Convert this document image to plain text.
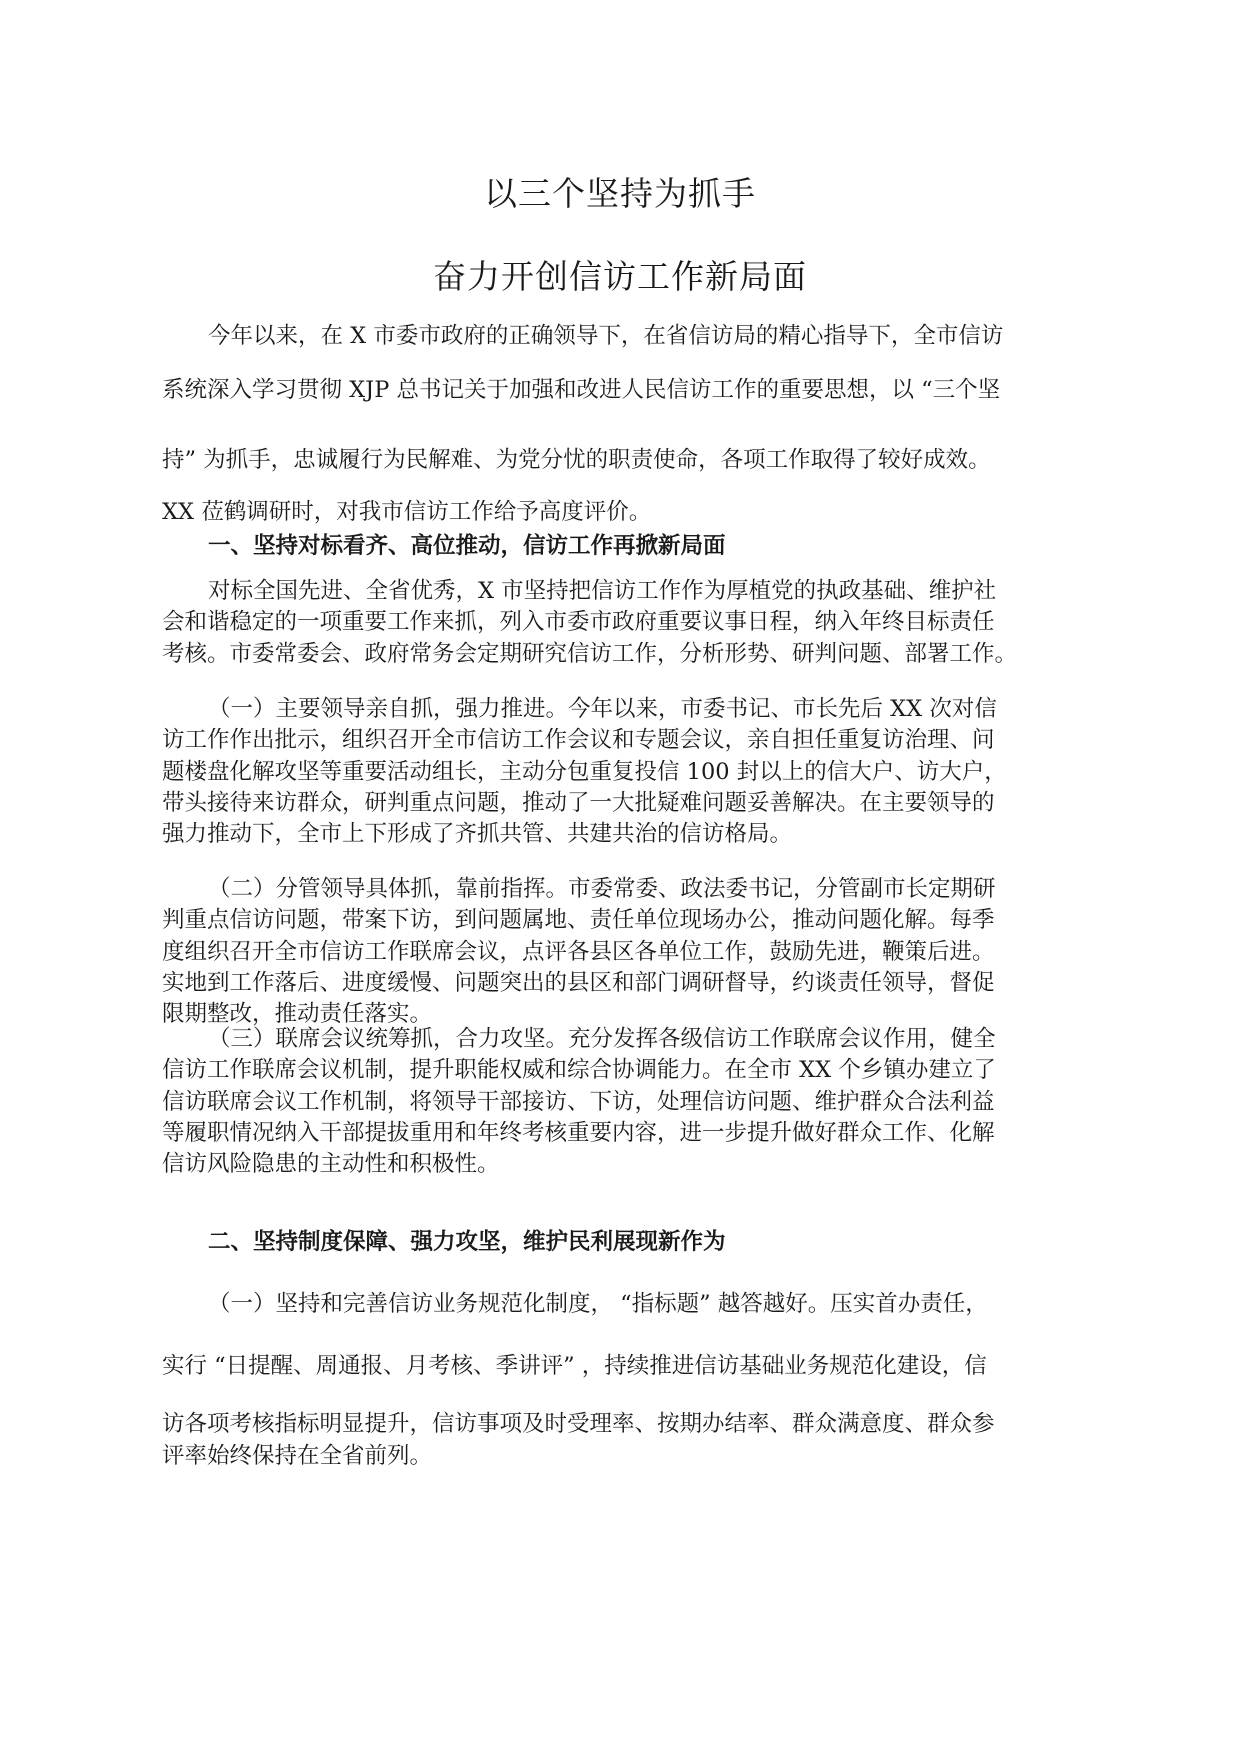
以三个坚持为抓手
奋力开创信访工作新局面
今年以来，在 X 市委市政府的正确领导下，在省信访局的精心指导下，全市信访
系统深入学习贯彻 XJP 总书记关于加强和改进人民信访工作的重要思想，以 “三个坚
持” 为抓手，忠诚履行为民解难、为党分忧的职责使命，各项工作取得了较好成效。
XX 莅鹤调研时，对我市信访工作给予高度评价。
一、坚持对标看齐、高位推动，信访工作再掀新局面
对标全国先进、全省优秀，X 市坚持把信访工作作为厚植党的执政基础、维护社
会和谐稳定的一项重要工作来抓，列入市委市政府重要议事日程，纳入年终目标责任
考核。市委常委会、政府常务会定期研究信访工作，分析形势、研判问题、部署工作。
（一）主要领导亲自抓，强力推进。今年以来，市委书记、市长先后 XX 次对信
访工作作出批示，组织召开全市信访工作会议和专题会议，亲自担任重复访治理、问
题楼盘化解攻坚等重要活动组长，主动分包重复投信 100 封以上的信大户、访大户，
带头接待来访群众，研判重点问题，推动了一大批疑难问题妥善解决。在主要领导的
强力推动下，全市上下形成了齐抓共管、共建共治的信访格局。
（二）分管领导具体抓，靠前指挥。市委常委、政法委书记，分管副市长定期研
判重点信访问题，带案下访，到问题属地、责任单位现场办公，推动问题化解。每季
度组织召开全市信访工作联席会议，点评各县区各单位工作，鼓励先进，鞭策后进。
实地到工作落后、进度缓慢、问题突出的县区和部门调研督导，约谈责任领导，督促
限期整改，推动责任落实。
（三）联席会议统筹抓，合力攻坚。充分发挥各级信访工作联席会议作用，健全
信访工作联席会议机制，提升职能权威和综合协调能力。在全市 XX 个乡镇办建立了
信访联席会议工作机制，将领导干部接访、下访，处理信访问题、维护群众合法利益
等履职情况纳入干部提拔重用和年终考核重要内容，进一步提升做好群众工作、化解
信访风险隐患的主动性和积极性。
二、坚持制度保障、强力攻坚，维护民利展现新作为
（一）坚持和完善信访业务规范化制度， “指标题” 越答越好。压实首办责任，
实行 “日提醒、周通报、月考核、季讲评” ，持续推进信访基础业务规范化建设，信
访各项考核指标明显提升，信访事项及时受理率、按期办结率、群众满意度、群众参
评率始终保持在全省前列。
